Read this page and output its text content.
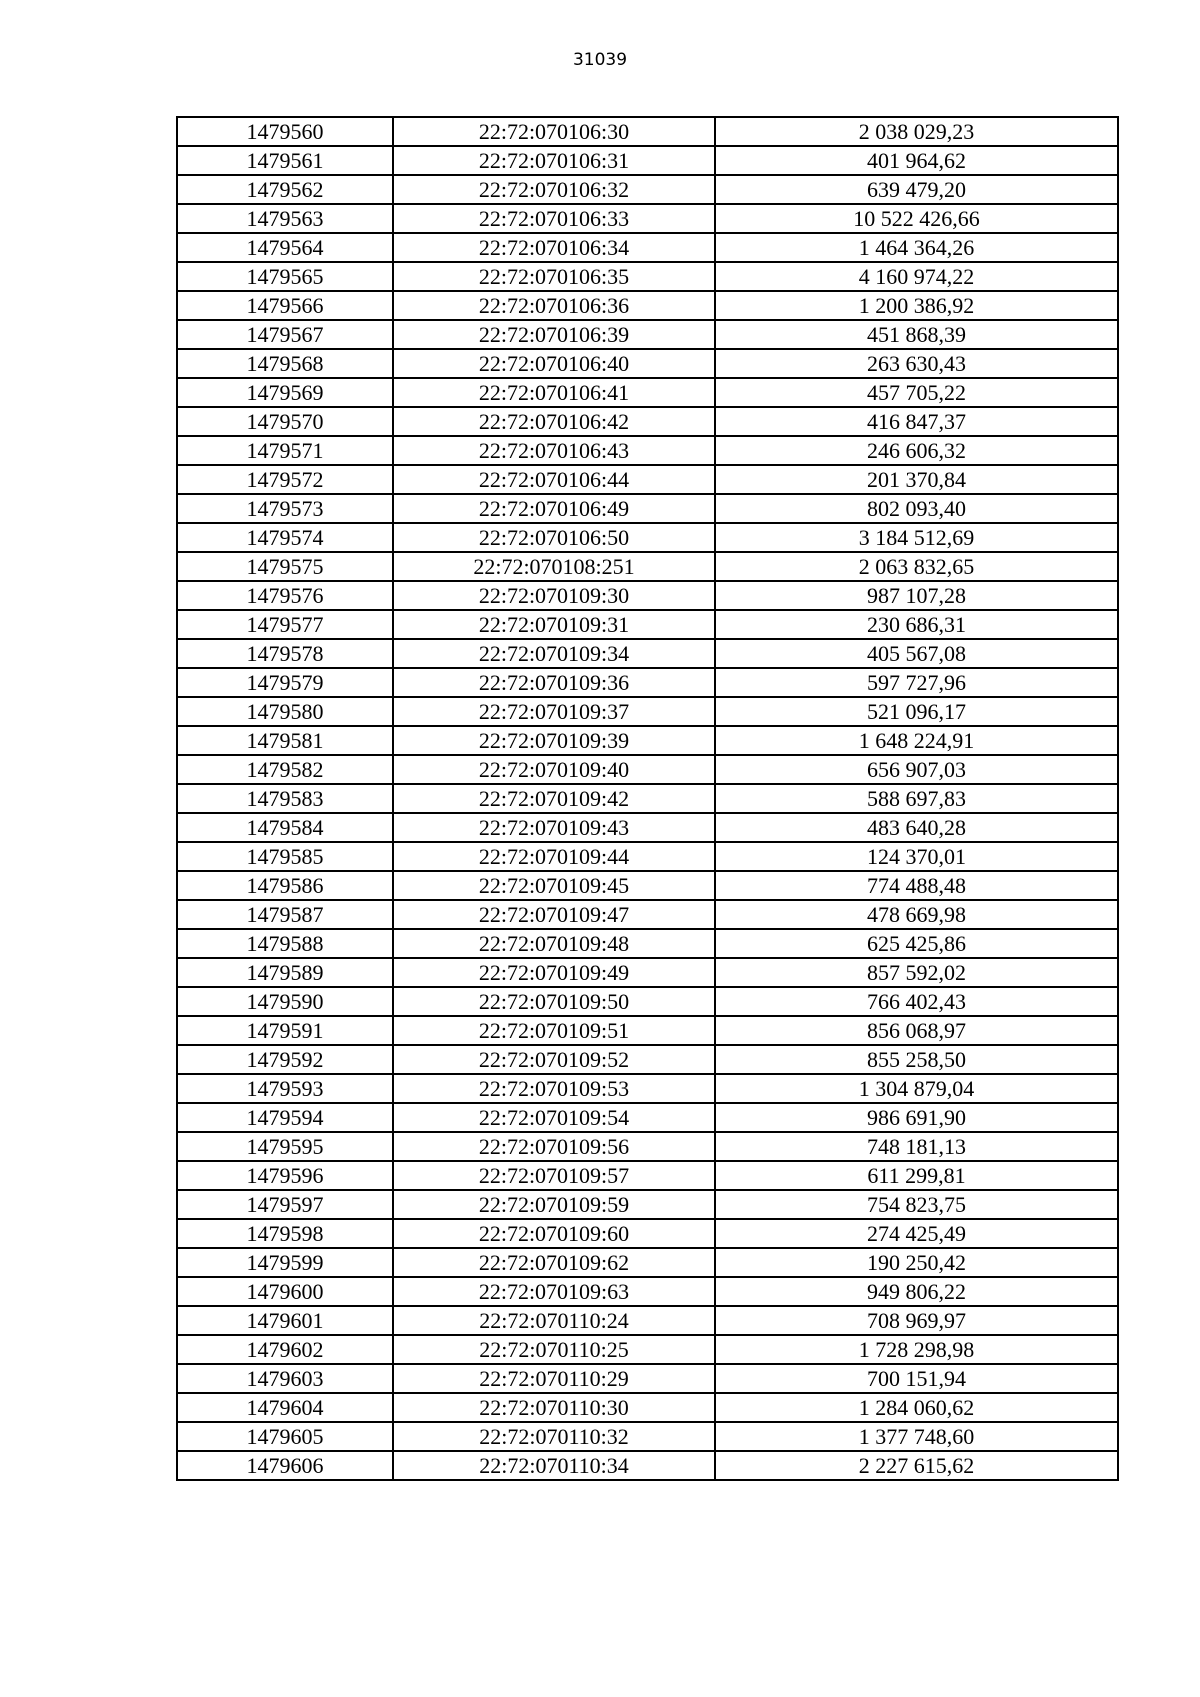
31039
1479560	22:72:070106:30	2 038 029,23
1479561	22:72:070106:31	401 964,62
1479562	22:72:070106:32	639 479,20
1479563	22:72:070106:33	10 522 426,66
1479564	22:72:070106:34	1 464 364,26
1479565	22:72:070106:35	4 160 974,22
1479566	22:72:070106:36	1 200 386,92
1479567	22:72:070106:39	451 868,39
1479568	22:72:070106:40	263 630,43
1479569	22:72:070106:41	457 705,22
1479570	22:72:070106:42	416 847,37
1479571	22:72:070106:43	246 606,32
1479572	22:72:070106:44	201 370,84
1479573	22:72:070106:49	802 093,40
1479574	22:72:070106:50	3 184 512,69
1479575	22:72:070108:251	2 063 832,65
1479576	22:72:070109:30	987 107,28
1479577	22:72:070109:31	230 686,31
1479578	22:72:070109:34	405 567,08
1479579	22:72:070109:36	597 727,96
1479580	22:72:070109:37	521 096,17
1479581	22:72:070109:39	1 648 224,91
1479582	22:72:070109:40	656 907,03
1479583	22:72:070109:42	588 697,83
1479584	22:72:070109:43	483 640,28
1479585	22:72:070109:44	124 370,01
1479586	22:72:070109:45	774 488,48
1479587	22:72:070109:47	478 669,98
1479588	22:72:070109:48	625 425,86
1479589	22:72:070109:49	857 592,02
1479590	22:72:070109:50	766 402,43
1479591	22:72:070109:51	856 068,97
1479592	22:72:070109:52	855 258,50
1479593	22:72:070109:53	1 304 879,04
1479594	22:72:070109:54	986 691,90
1479595	22:72:070109:56	748 181,13
1479596	22:72:070109:57	611 299,81
1479597	22:72:070109:59	754 823,75
1479598	22:72:070109:60	274 425,49
1479599	22:72:070109:62	190 250,42
1479600	22:72:070109:63	949 806,22
1479601	22:72:070110:24	708 969,97
1479602	22:72:070110:25	1 728 298,98
1479603	22:72:070110:29	700 151,94
1479604	22:72:070110:30	1 284 060,62
1479605	22:72:070110:32	1 377 748,60
1479606	22:72:070110:34	2 227 615,62
